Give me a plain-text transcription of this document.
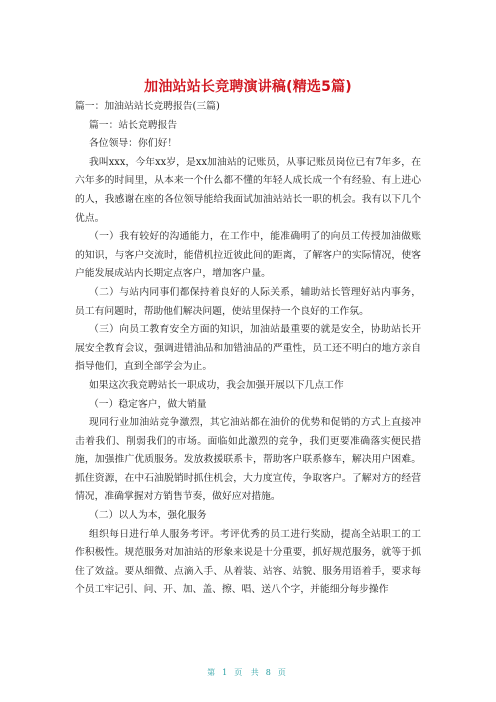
加油站站长竞聘演讲稿(精选5篇)

篇一：加油站站长竞聘报告(三篇)

篇一：站长竞聘报告

各位领导：你们好！

我叫xxx，今年xx岁，是xx加油站的记账员，从事记账员岗位已有7年多，在六年多的时间里，从本来一个什么都不懂的年轻人成长成一个有经验、有上进心的人，我感谢在座的各位领导能给我面试加油站站长一职的机会。我有以下几个优点。

（一）我有较好的沟通能力，在工作中，能准确明了的向员工传授加油做账的知识，与客户交流时，能借机拉近彼此间的距离，了解客户的实际情况，使客户能发展成站内长期定点客户，增加客户量。

（二）与站内同事们都保持着良好的人际关系，辅助站长管理好站内事务，员工有问题时，帮助他们解决问题，使站里保持一个良好的工作氛。

（三）向员工教育安全方面的知识，加油站最重要的就是安全，协助站长开展安全教育会议，强调进错油品和加错油品的严重性，员工还不明白的地方亲自指导他们，直到全部学会为止。

如果这次我竞聘站长一职成功，我会加强开展以下几点工作

（一）稳定客户，做大销量

现同行业加油站竞争激烈，其它油站都在油价的优势和促销的方式上直接冲击着我们、削弱我们的市场。面临如此激烈的竞争，我们更要准确落实便民措施，加强推广优质服务。发放救援联系卡，帮助客户联系修车，解决用户困难。抓住资源，在中石油脱销时抓住机会，大力度宣传，争取客户。了解对方的经营情况，准确掌握对方销售节奏，做好应对措施。

（二）以人为本，强化服务

组织每日进行单人服务考评。考评优秀的员工进行奖励，提高全站职工的工作积极性。规范服务对加油站的形象来说是十分重要，抓好规范服务，就等于抓住了效益。要从细微、点滴入手、从着装、站容、站貌、服务用语着手，要求每个员工牢记引、问、开、加、盖、擦、唱、送八个字，并能细分每步操作

第 1 页 共 8 页
